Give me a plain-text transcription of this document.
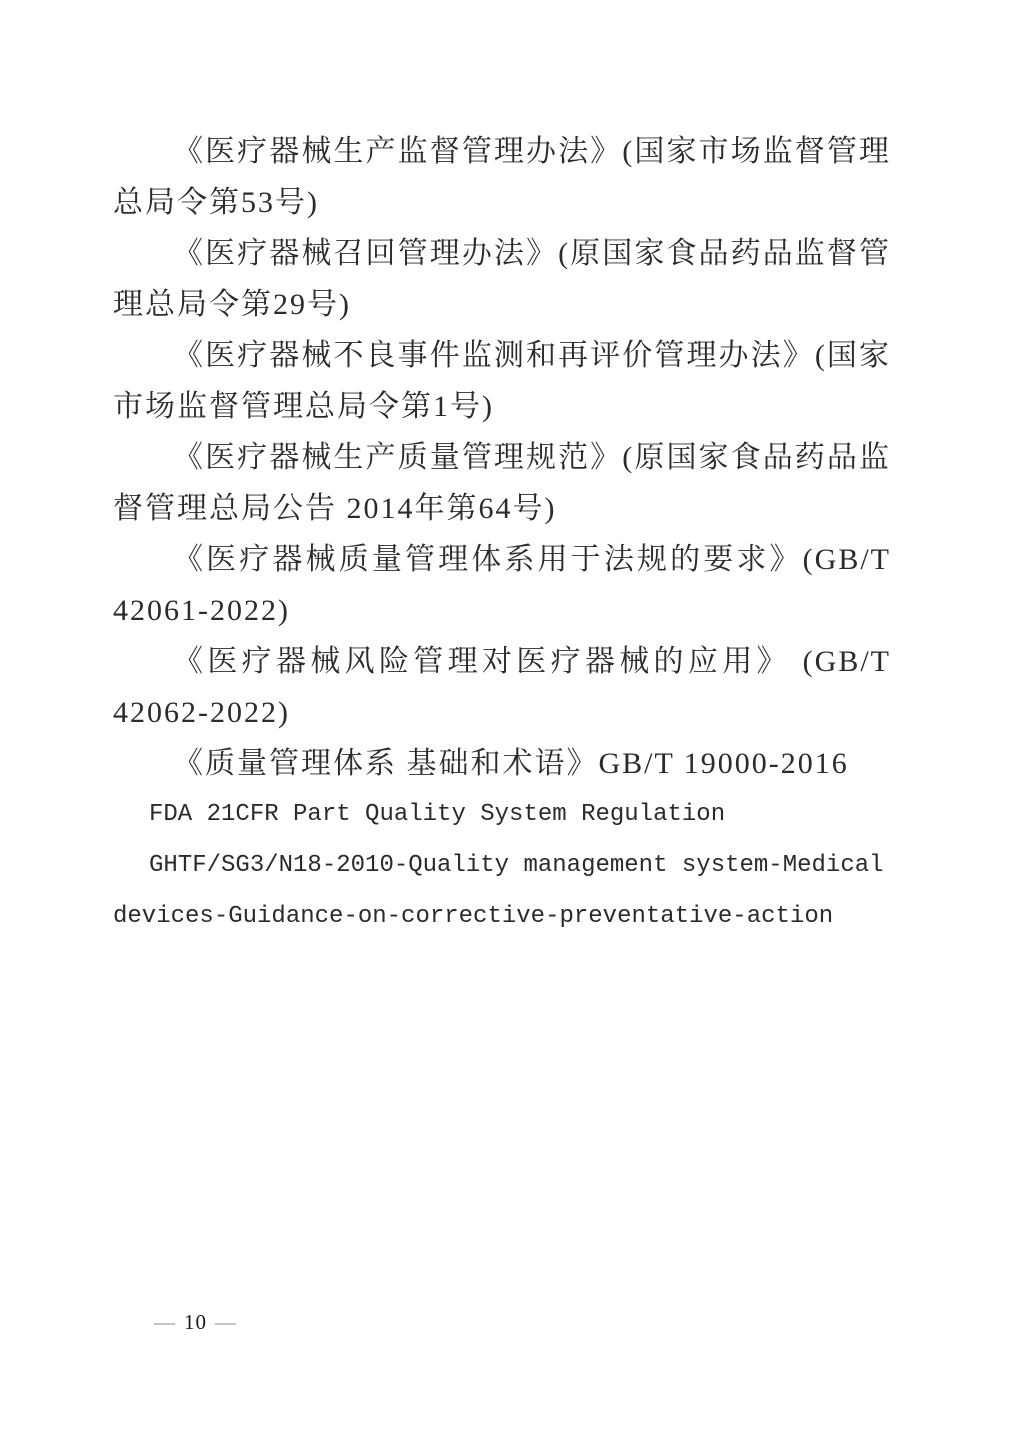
《医疗器械生产监督管理办法》(国家市场监督管理总局令第53号)

《医疗器械召回管理办法》(原国家食品药品监督管理总局令第29号)

《医疗器械不良事件监测和再评价管理办法》(国家市场监督管理总局令第1号)

《医疗器械生产质量管理规范》(原国家食品药品监督管理总局公告 2014年第64号)

《医疗器械质量管理体系用于法规的要求》(GB/T 42061-2022)

《医疗器械风险管理对医疗器械的应用》 (GB/T 42062-2022)

《质量管理体系 基础和术语》GB/T 19000-2016

FDA 21CFR Part Quality System Regulation

GHTF/SG3/N18-2010-Quality management system-Medical devices-Guidance-on-corrective-preventative-action

— 10 —
